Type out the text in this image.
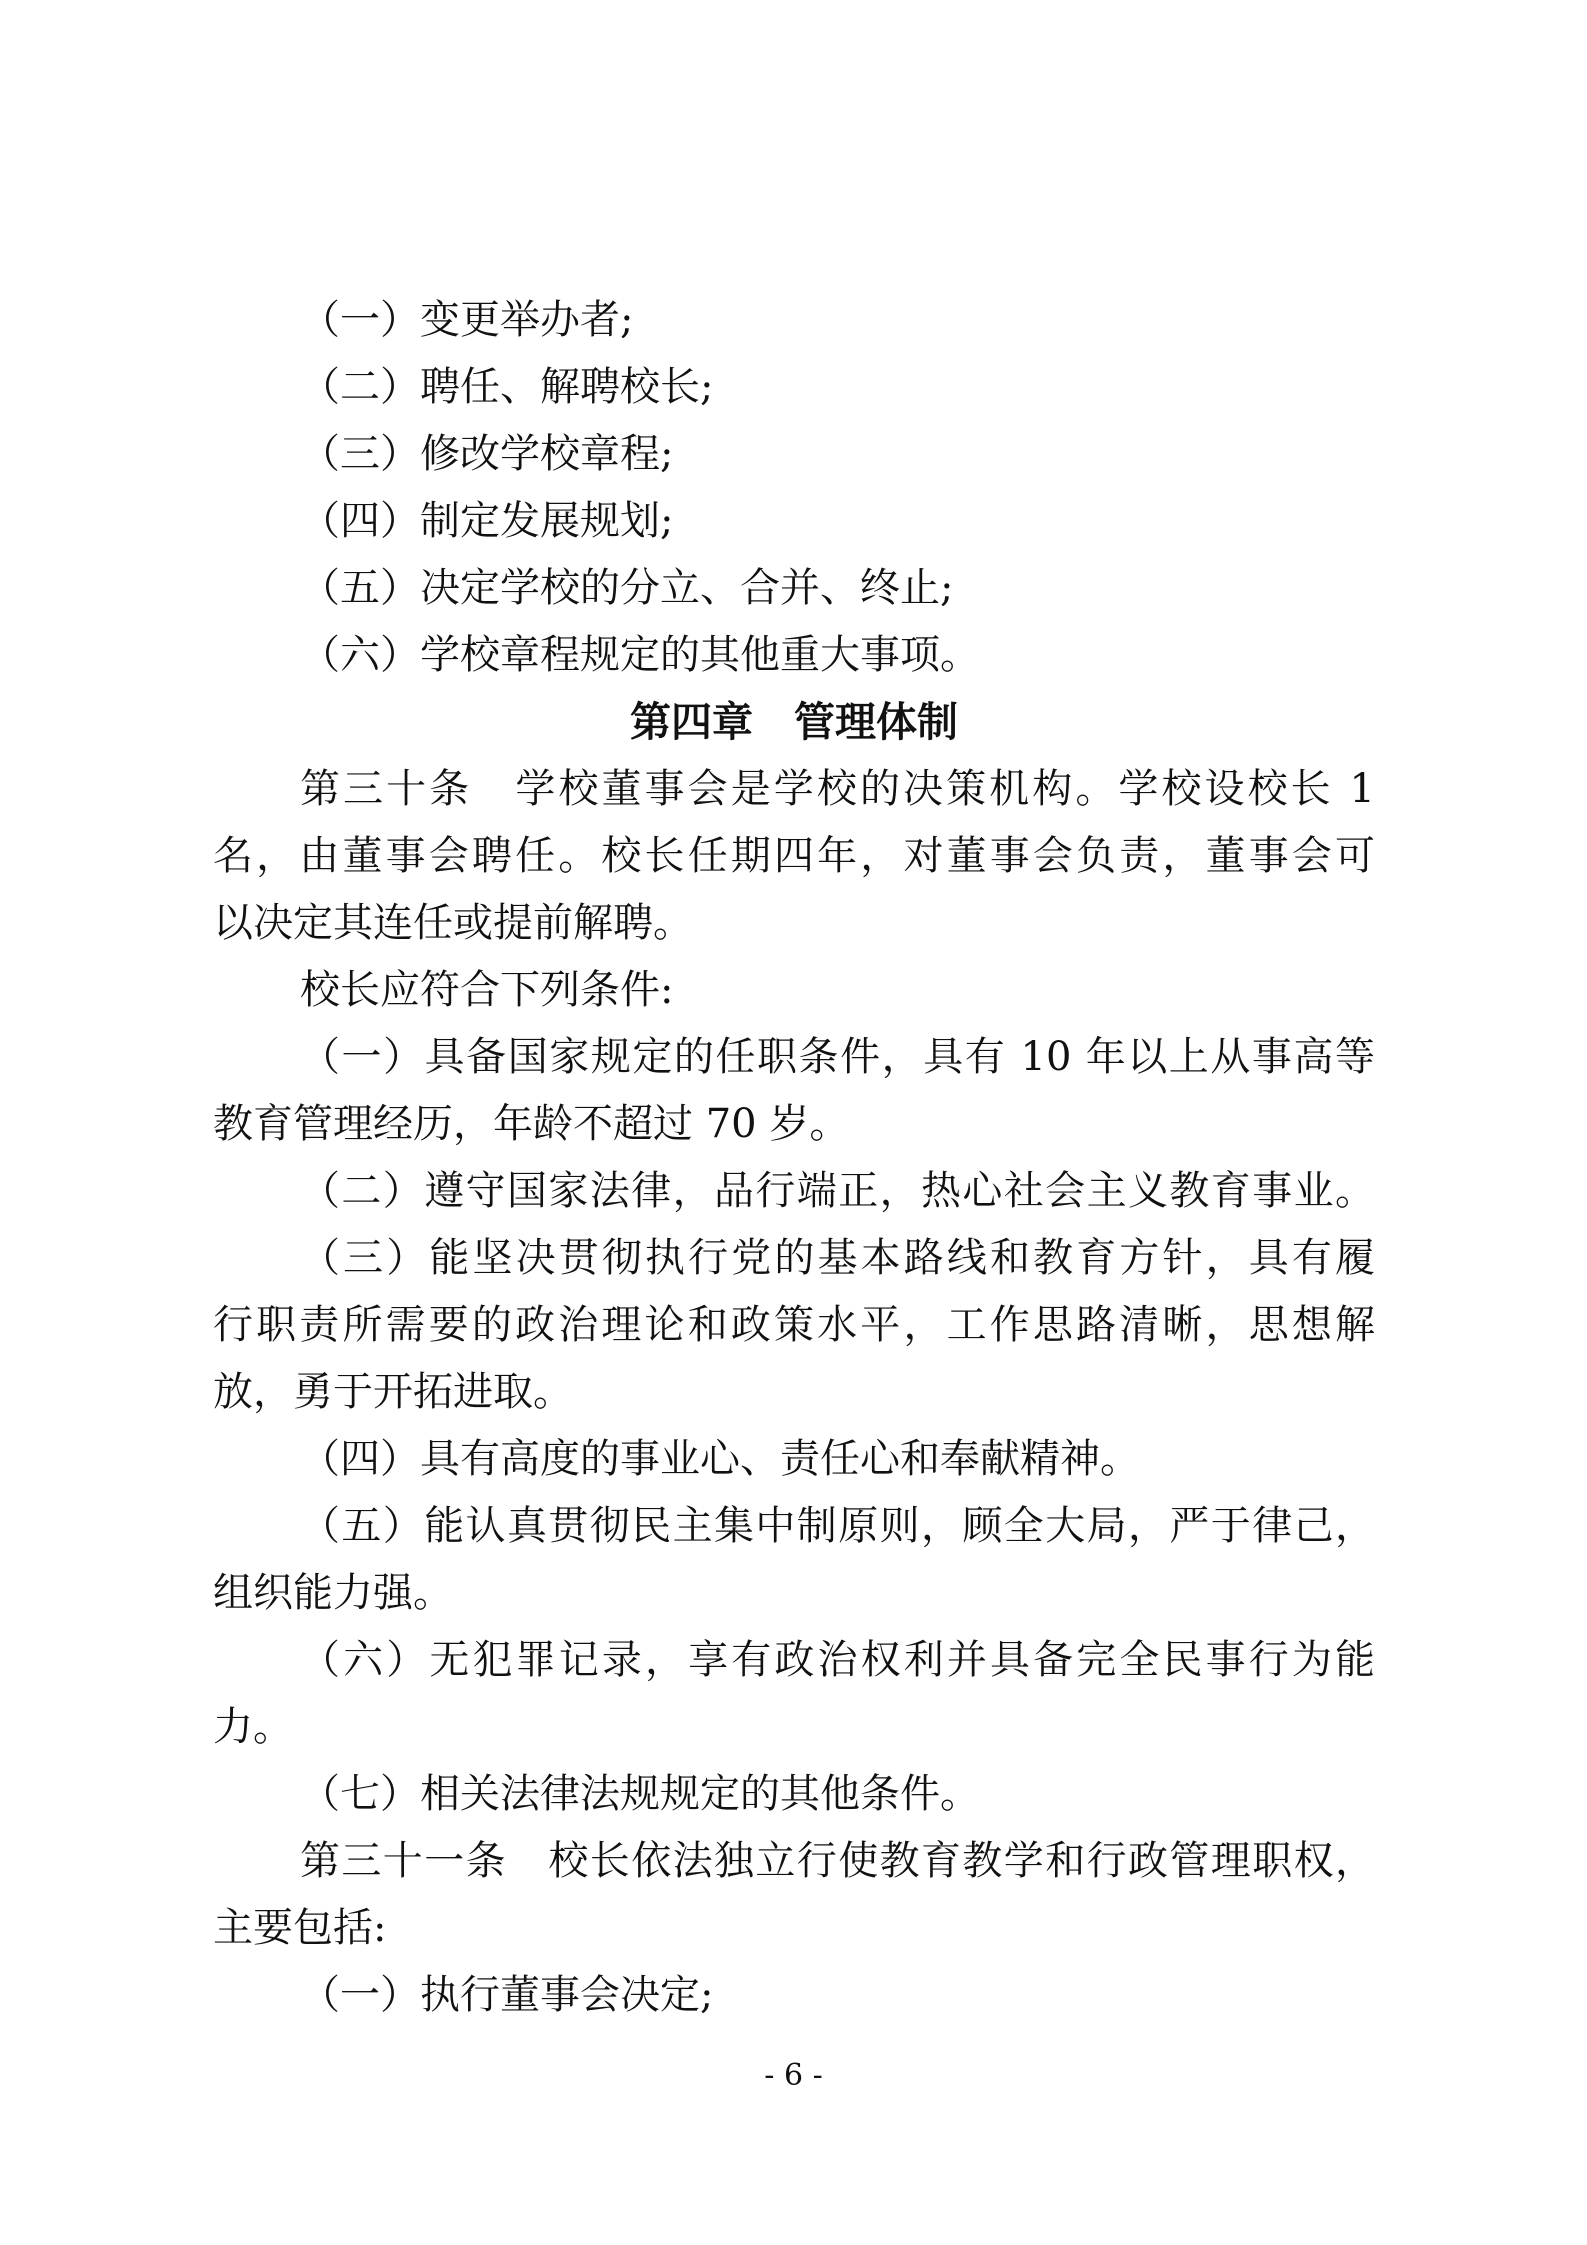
（一）变更举办者;
（二）聘任、解聘校长;
（三）修改学校章程;
（四）制定发展规划;
（五）决定学校的分立、合并、终止;
（六）学校章程规定的其他重大事项。
第四章　管理体制
第三十条　学校董事会是学校的决策机构。学校设校长 1
名，由董事会聘任。校长任期四年，对董事会负责，董事会可
以决定其连任或提前解聘。
校长应符合下列条件:
（一）具备国家规定的任职条件，具有 10 年以上从事高等
教育管理经历，年龄不超过 70 岁。
（二）遵守国家法律，品行端正，热心社会主义教育事业。
（三）能坚决贯彻执行党的基本路线和教育方针，具有履
行职责所需要的政治理论和政策水平，工作思路清晰，思想解
放，勇于开拓进取。
（四）具有高度的事业心、责任心和奉献精神。
（五）能认真贯彻民主集中制原则，顾全大局，严于律己，
组织能力强。
（六）无犯罪记录，享有政治权利并具备完全民事行为能
力。
（七）相关法律法规规定的其他条件。
第三十一条　校长依法独立行使教育教学和行政管理职权，
主要包括:
（一）执行董事会决定;
- 6 -
